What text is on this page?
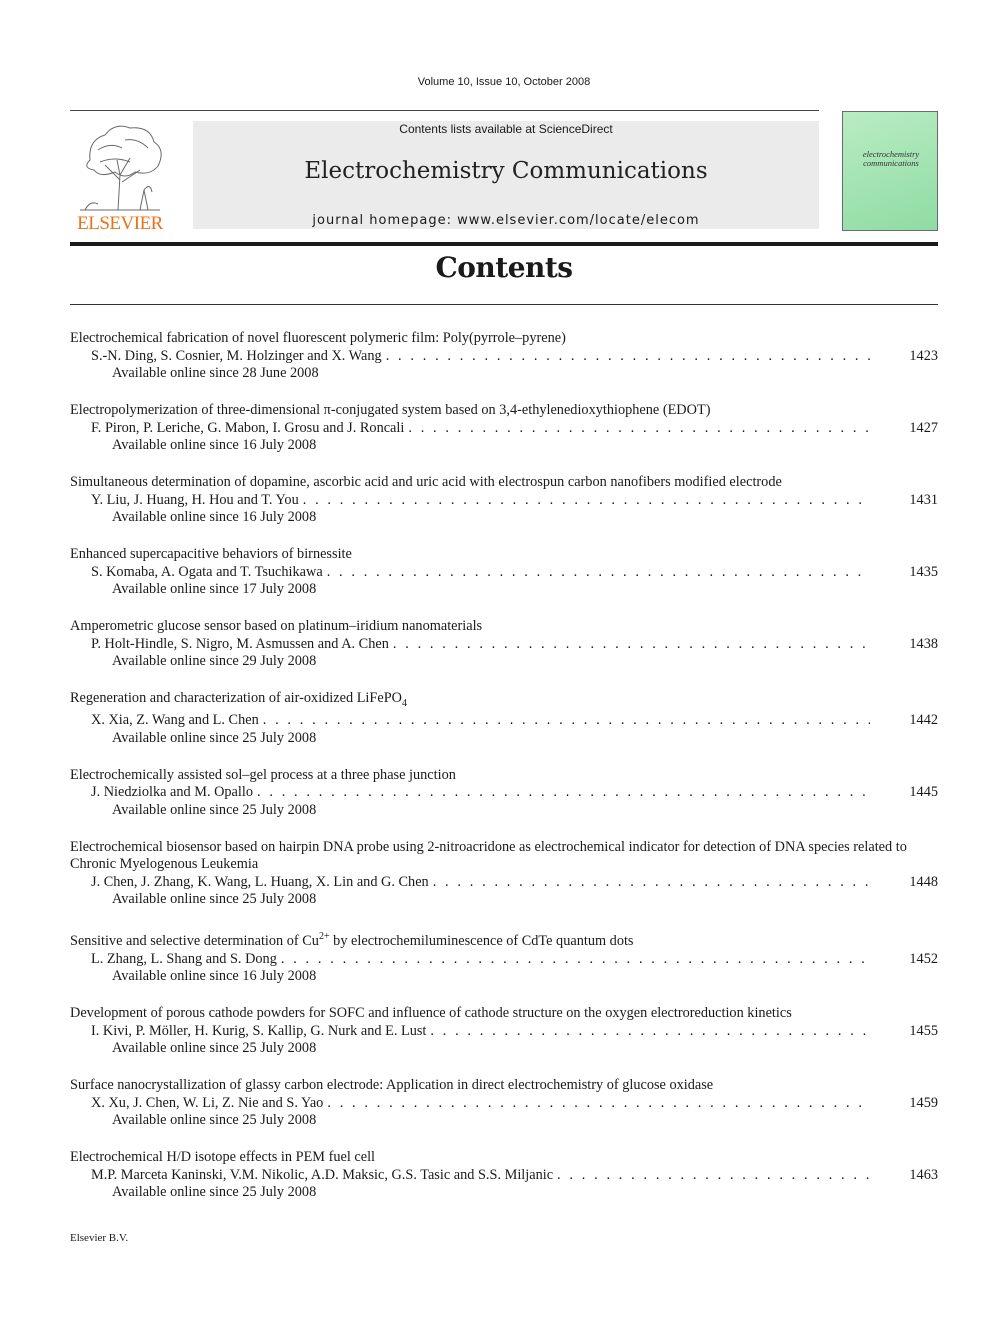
Volume 10, Issue 10, October 2008
ELSEVIER
Contents lists available at ScienceDirect
Electrochemistry Communications
journal homepage: www.elsevier.com/locate/elecom
electrochemistry communications
Contents
Electrochemical fabrication of novel fluorescent polymeric film: Poly(pyrrole–pyrene)
S.-N. Ding, S. Cosnier, M. Holzinger and X. Wang . . .	1423
Available online since 28 June 2008
Electropolymerization of three-dimensional π-conjugated system based on 3,4-ethylenedioxythiophene (EDOT)
F. Piron, P. Leriche, G. Mabon, I. Grosu and J. Roncali . . .	1427
Available online since 16 July 2008
Simultaneous determination of dopamine, ascorbic acid and uric acid with electrospun carbon nanofibers modified electrode
Y. Liu, J. Huang, H. Hou and T. You . . .	1431
Available online since 16 July 2008
Enhanced supercapacitive behaviors of birnessite
S. Komaba, A. Ogata and T. Tsuchikawa . . .	1435
Available online since 17 July 2008
Amperometric glucose sensor based on platinum–iridium nanomaterials
P. Holt-Hindle, S. Nigro, M. Asmussen and A. Chen . . .	1438
Available online since 29 July 2008
Regeneration and characterization of air-oxidized LiFePO$_4$
X. Xia, Z. Wang and L. Chen . . .	1442
Available online since 25 July 2008
Electrochemically assisted sol–gel process at a three phase junction
J. Niedziolka and M. Opallo . . .	1445
Available online since 25 July 2008
Electrochemical biosensor based on hairpin DNA probe using 2-nitroacridone as electrochemical indicator for detection of DNA species related to Chronic Myelogenous Leukemia
J. Chen, J. Zhang, K. Wang, L. Huang, X. Lin and G. Chen . . .	1448
Available online since 25 July 2008
Sensitive and selective determination of $Cu^{2+}$ by electrochemiluminescence of CdTe quantum dots
L. Zhang, L. Shang and S. Dong . . .	1452
Available online since 16 July 2008
Development of porous cathode powders for SOFC and influence of cathode structure on the oxygen electroreduction kinetics
I. Kivi, P. Möller, H. Kurig, S. Kallip, G. Nurk and E. Lust . . .	1455
Available online since 25 July 2008
Surface nanocrystallization of glassy carbon electrode: Application in direct electrochemistry of glucose oxidase
X. Xu, J. Chen, W. Li, Z. Nie and S. Yao . . .	1459
Available online since 25 July 2008
Electrochemical H/D isotope effects in PEM fuel cell
M.P. Marceta Kaninski, V.M. Nikolic, A.D. Maksic, G.S. Tasic and S.S. Miljanic . . .	1463
Available online since 25 July 2008
Elsevier B.V.
